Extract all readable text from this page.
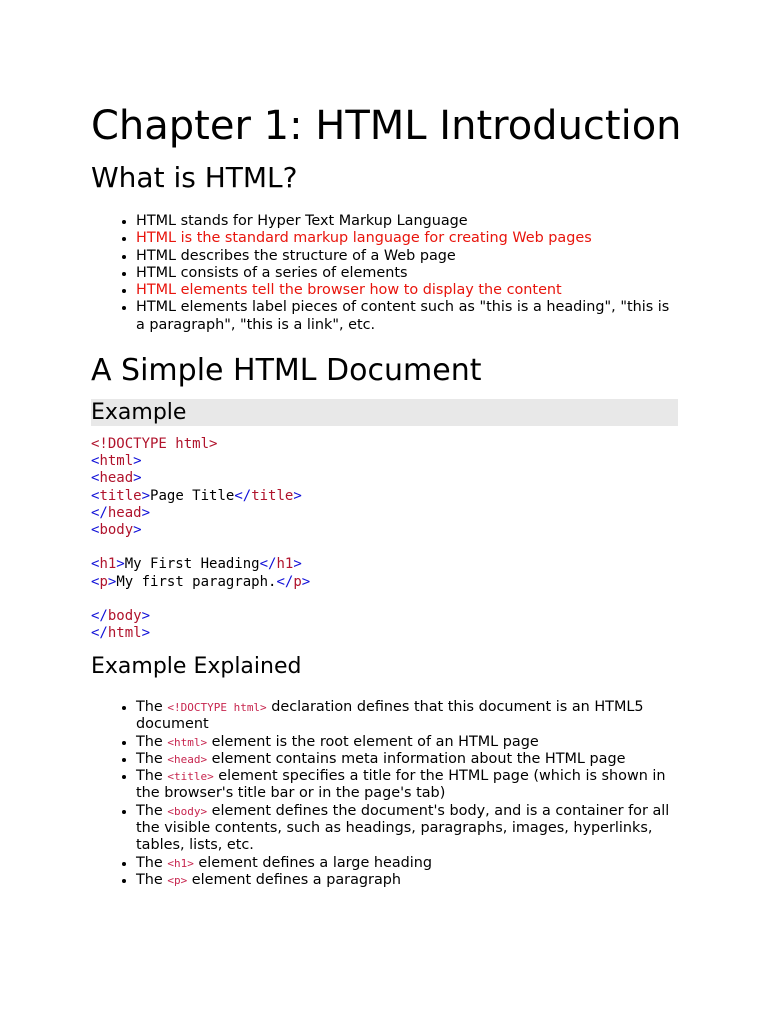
Chapter 1: HTML Introduction
What is HTML?
• HTML stands for Hyper Text Markup Language
• HTML is the standard markup language for creating Web pages
• HTML describes the structure of a Web page
• HTML consists of a series of elements
• HTML elements tell the browser how to display the content
• HTML elements label pieces of content such as "this is a heading", "this is a paragraph", "this is a link", etc.
A Simple HTML Document
Example
<!DOCTYPE html>
<html>
<head>
<title>Page Title</title>
</head>
<body>

<h1>My First Heading</h1>
<p>My first paragraph.</p>

</body>
</html>
Example Explained
• The <!DOCTYPE html> declaration defines that this document is an HTML5 document
• The <html> element is the root element of an HTML page
• The <head> element contains meta information about the HTML page
• The <title> element specifies a title for the HTML page (which is shown in the browser's title bar or in the page's tab)
• The <body> element defines the document's body, and is a container for all the visible contents, such as headings, paragraphs, images, hyperlinks, tables, lists, etc.
• The <h1> element defines a large heading
• The <p> element defines a paragraph
